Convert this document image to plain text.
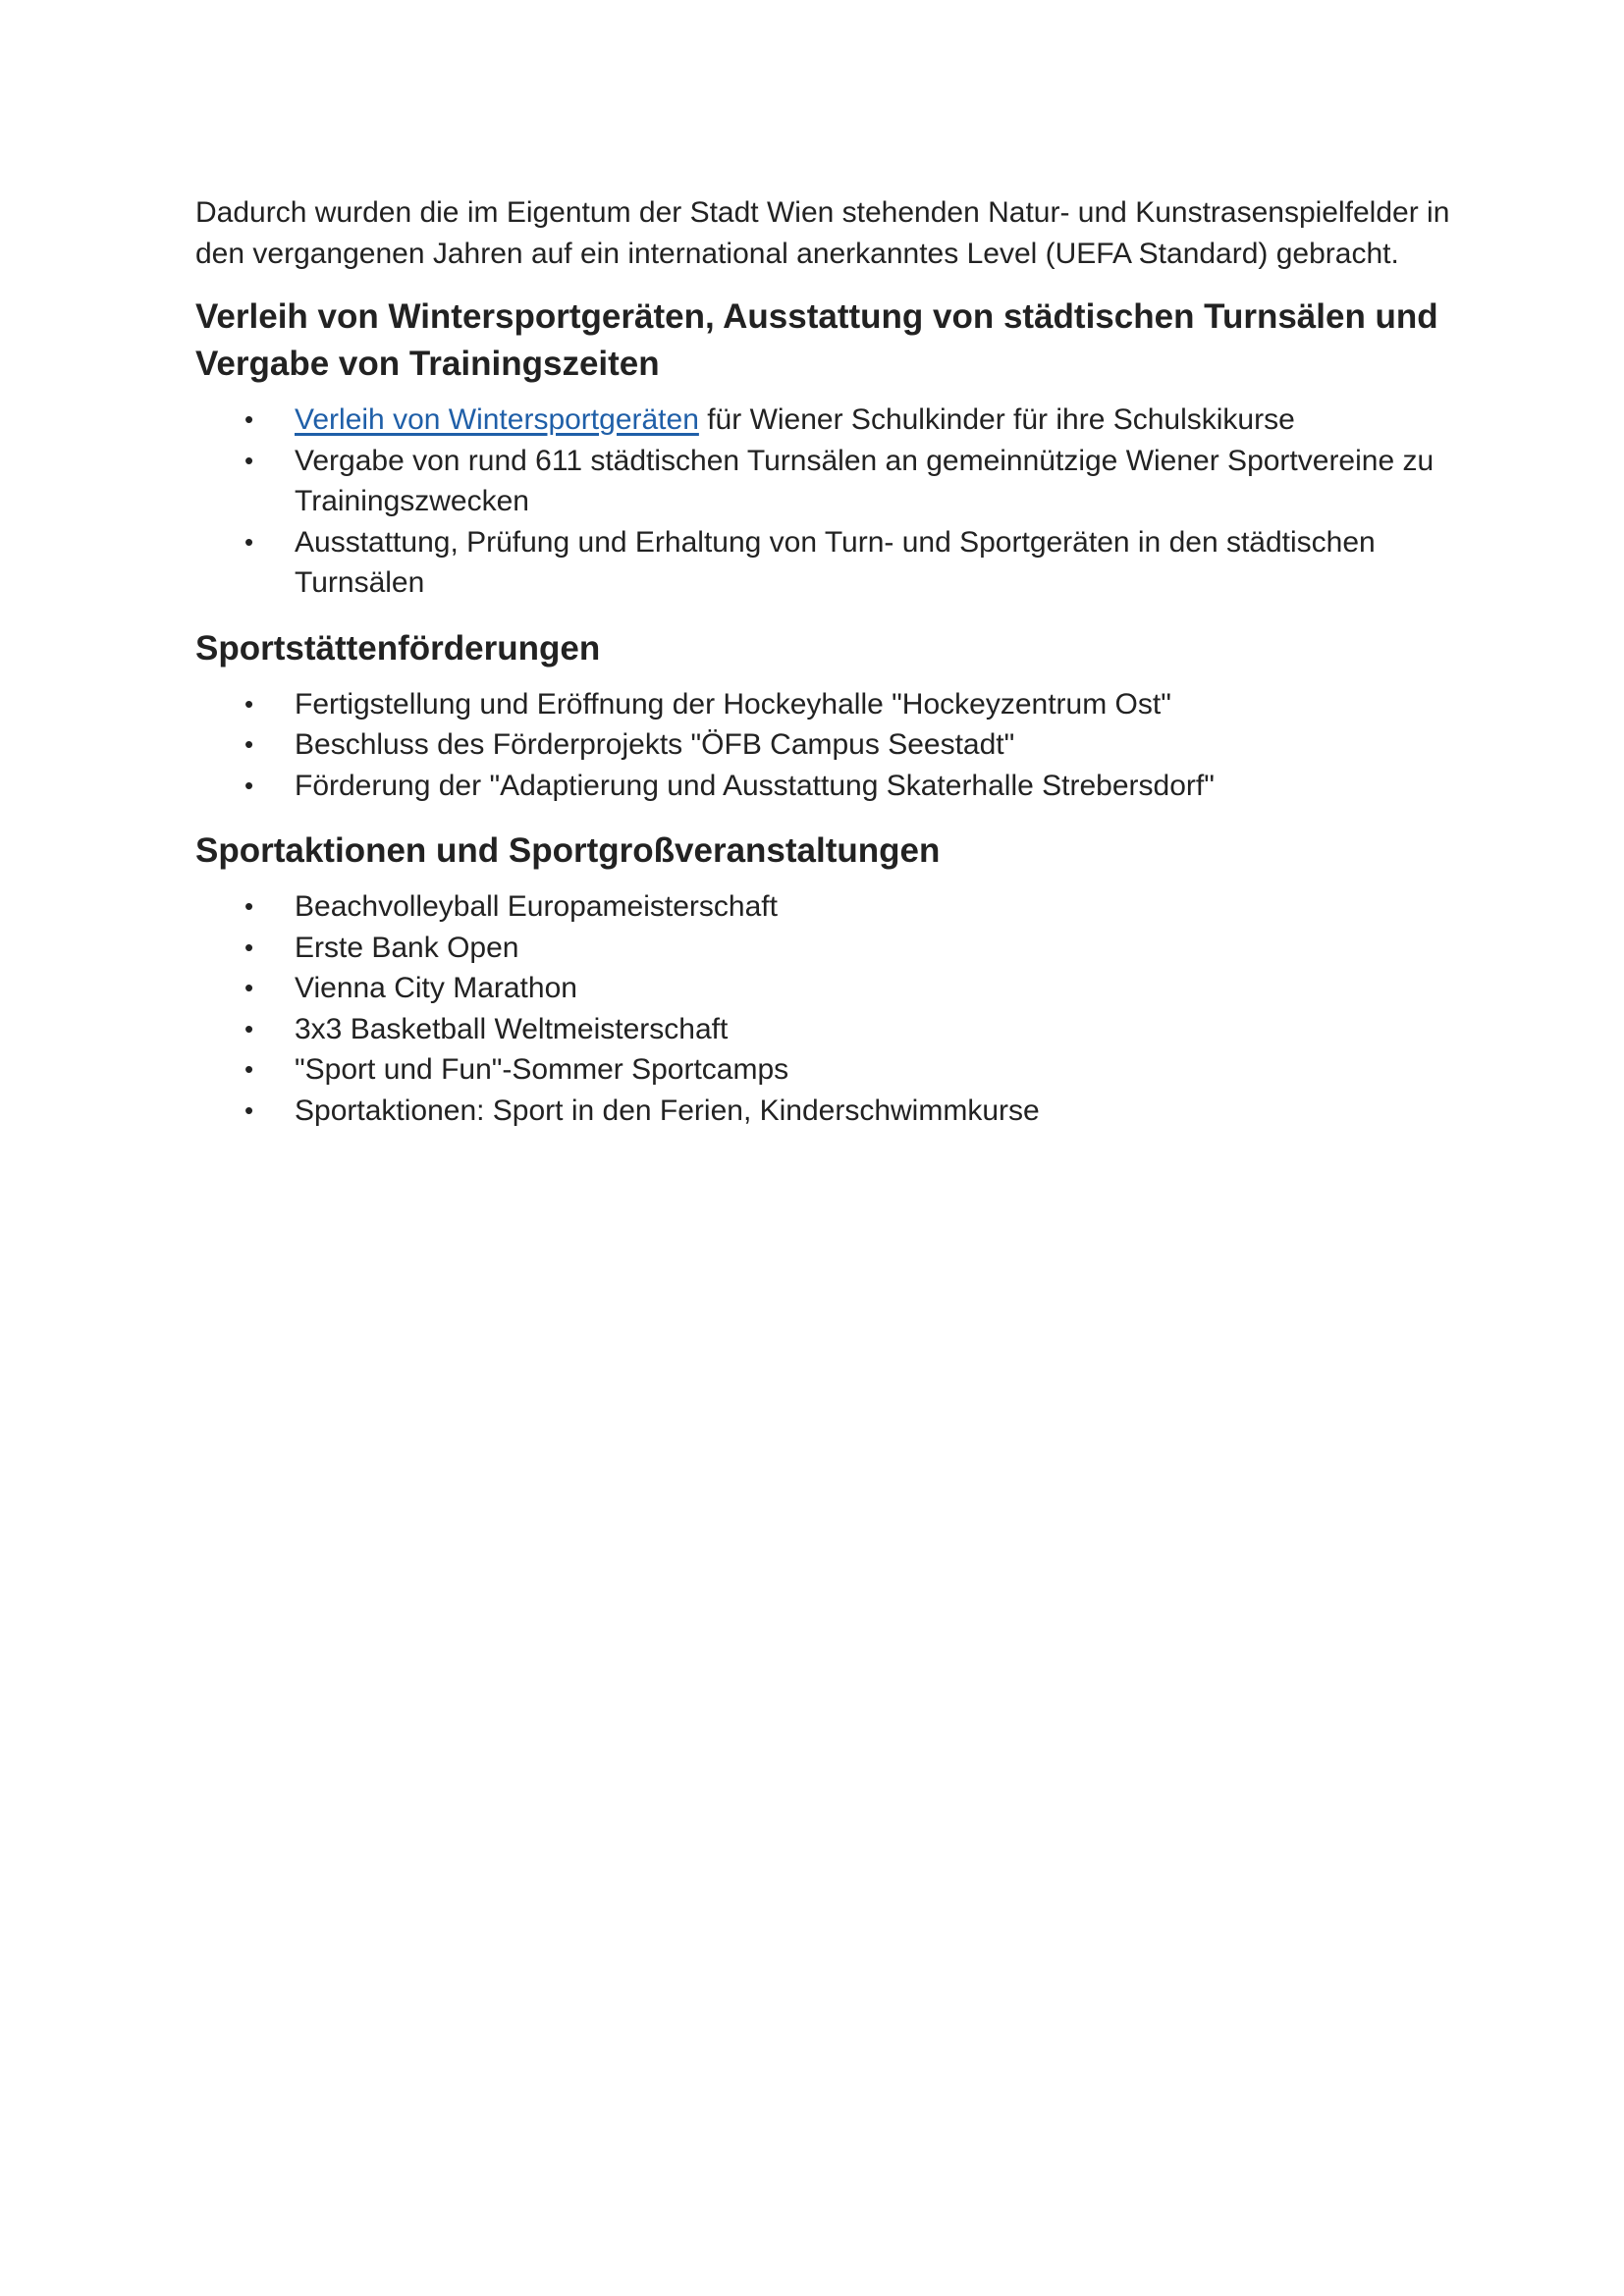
Dadurch wurden die im Eigentum der Stadt Wien stehenden Natur- und Kunstrasenspielfelder in den vergangenen Jahren auf ein international anerkanntes Level (UEFA Standard) gebracht.

Verleih von Wintersportgeräten, Ausstattung von städtischen Turnsälen und Vergabe von Trainingszeiten
• Verleih von Wintersportgeräten für Wiener Schulkinder für ihre Schulskikurse
• Vergabe von rund 611 städtischen Turnsälen an gemeinnützige Wiener Sportvereine zu Trainingszwecken
• Ausstattung, Prüfung und Erhaltung von Turn- und Sportgeräten in den städtischen Turnsälen
Sportstättenförderungen
• Fertigstellung und Eröffnung der Hockeyhalle "Hockeyzentrum Ost"
• Beschluss des Förderprojekts "ÖFB Campus Seestadt"
• Förderung der "Adaptierung und Ausstattung Skaterhalle Strebersdorf"
Sportaktionen und Sportgroßveranstaltungen
• Beachvolleyball Europameisterschaft
• Erste Bank Open
• Vienna City Marathon
• 3x3 Basketball Weltmeisterschaft
• "Sport und Fun"-Sommer Sportcamps
• Sportaktionen: Sport in den Ferien, Kinderschwimmkurse
